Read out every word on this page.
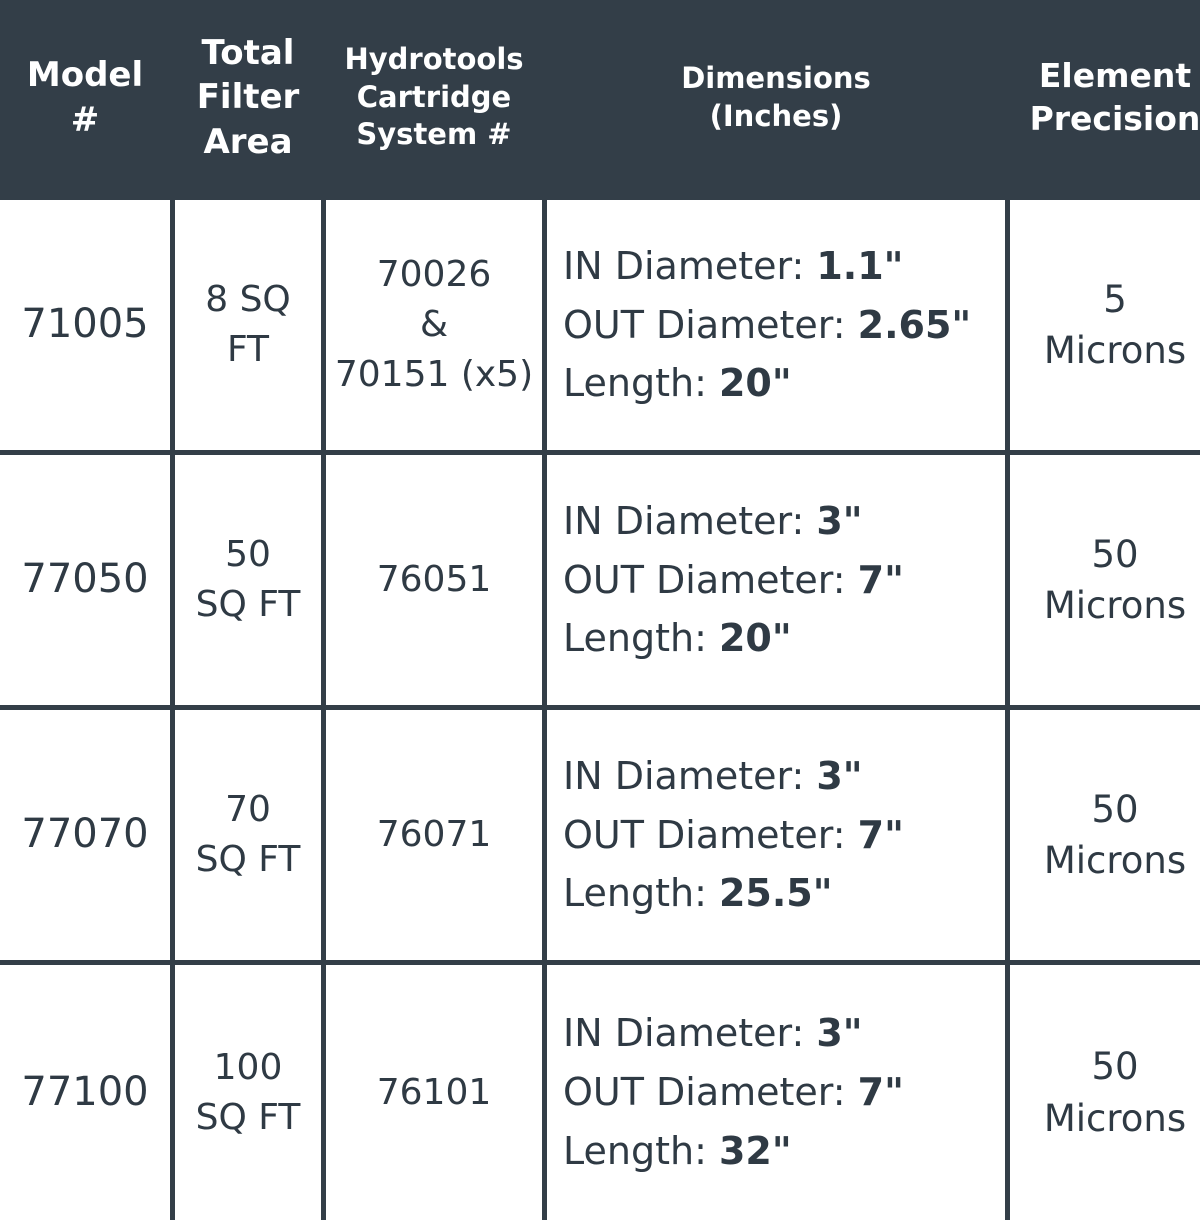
Model
#
Total
Filter
Area
Hydrotools
Cartridge
System #
Dimensions
(Inches)
Element
Precision
71005
8 SQ
FT
70026
&
70151 (x5)
IN Diameter: 1.1"
OUT Diameter: 2.65"
Length: 20"
5
Microns
77050
50
SQ FT
76051
IN Diameter: 3"
OUT Diameter: 7"
Length: 20"
50
Microns
77070
70
SQ FT
76071
IN Diameter: 3"
OUT Diameter: 7"
Length: 25.5"
50
Microns
77100
100
SQ FT
76101
IN Diameter: 3"
OUT Diameter: 7"
Length: 32"
50
Microns
